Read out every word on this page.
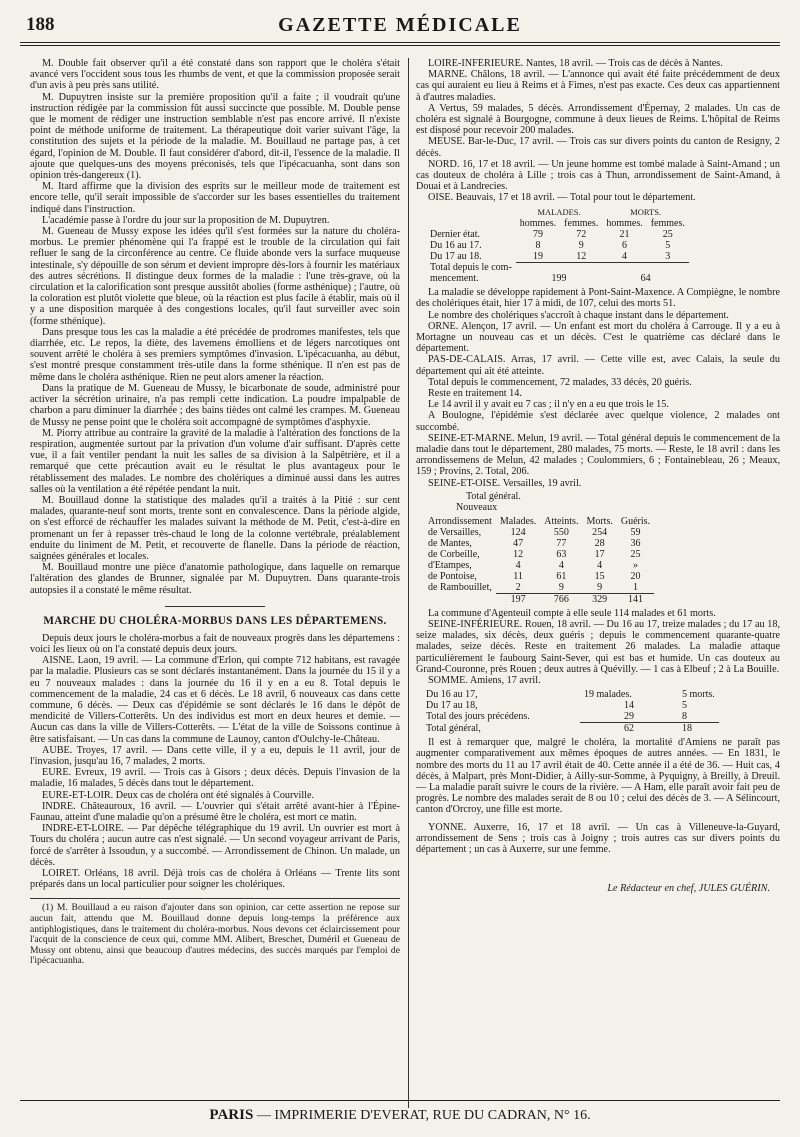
188	GAZETTE MÉDICALE

M. Double fait observer qu'il a été constaté dans son rapport que le choléra s'était avancé vers l'occident sous tous les rhumbs de vent, et que la commission proposée serait d'un avis à peu près sans utilité.

M. Dupuytren insiste sur la première proposition qu'il a faite ; il voudrait qu'une instruction rédigée par la commission fût aussi succincte que possible. M. Double pense que le moment de rédiger une instruction semblable n'est pas encore arrivé. Il n'existe point de méthode uniforme de traitement. La thérapeutique doit varier suivant l'âge, la constitution des sujets et la période de la maladie. M. Bouillaud ne partage pas, à cet égard, l'opinion de M. Double. Il faut considérer d'abord, dit-il, l'essence de la maladie. Il ajoute que quelques-uns des moyens préconisés, tels que l'ipécacuanha, sont dans son opinion très-dangereux (1).

M. Itard affirme que la division des esprits sur le meilleur mode de traitement est encore telle, qu'il serait impossible de s'accorder sur les bases essentielles du traitement indiqué dans l'instruction.

L'académie passe à l'ordre du jour sur la proposition de M. Dupuytren.

M. Gueneau de Mussy expose les idées qu'il s'est formées sur la nature du choléra-morbus. Le premier phénomène qui l'a frappé est le trouble de la circulation qui fait refluer le sang de la circonférence au centre. Ce fluide abonde vers la surface muqueuse intestinale, s'y dépouille de son sérum et devient impropre dès-lors à fournir les matériaux des autres sécrétions. Il distingue deux formes de la maladie : l'une très-grave, où la circulation et la calorification sont presque aussitôt abolies (forme asthénique) ; l'autre, où la coloration est plutôt violette que bleue, où la réaction est plus facile à établir, mais où il y a une disposition marquée à des congestions locales, qu'il faut surveiller avec soin (forme sthénique).

Dans presque tous les cas la maladie a été précédée de prodromes manifestes, tels que diarrhée, etc. Le repos, la diète, des lavemens émolliens et de légers narcotiques ont souvent arrêté le choléra à ses premiers symptômes d'invasion. L'ipécacuanha, au début, s'est montré presque constamment très-utile dans la forme sthénique. Il n'en est pas de même dans le choléra asthénique. Rien ne peut alors amener la réaction.

Dans la pratique de M. Gueneau de Mussy, le bicarbonate de soude, administré pour activer la sécrétion urinaire, n'a pas rempli cette indication. La poudre impalpable de charbon a paru diminuer la diarrhée ; des bains tièdes ont calmé les crampes. M. Gueneau de Mussy ne pense point que le choléra soit accompagné de symptômes d'asphyxie.

M. Piorry attribue au contraire la gravité de la maladie à l'altération des fonctions de la respiration, augmentée surtout par la privation d'un volume d'air suffisant. D'après cette vue, il a fait ventiler pendant la nuit les salles de sa division à la Salpêtrière, et il a remarqué que cette précaution avait eu le résultat le plus avantageux pour le rétablissement des malades. Le nombre des cholériques a diminué aussi dans les autres salles où la ventilation a été répétée pendant la nuit.

M. Bouillaud donne la statistique des malades qu'il a traités à la Pitié : sur cent malades, quarante-neuf sont morts, trente sont en convalescence. Dans la période algide, on s'est efforcé de réchauffer les malades suivant la méthode de M. Petit, c'est-à-dire en promenant un fer à repasser très-chaud le long de la colonne vertébrale, préalablement enduite du liniment de M. Petit, et recouverte de flanelle. Dans la période de réaction, saignées générales et locales.

M. Bouillaud montre une pièce d'anatomie pathologique, dans laquelle on remarque l'altération des glandes de Brunner, signalée par M. Dupuytren. Dans quarante-trois autopsies il a constaté le même résultat.

MARCHE DU CHOLÉRA-MORBUS DANS LES DÉPARTEMENS.

Depuis deux jours le choléra-morbus a fait de nouveaux progrès dans les départemens : voici les lieux où on l'a constaté depuis deux jours.

AISNE. Laon, 19 avril. — La commune d'Erlon, qui compte 712 habitans, est ravagée par la maladie. Plusieurs cas se sont déclarés instantanément. Dans la journée du 15 il y a eu 7 nouveaux malades : dans la journée du 16 il y en a eu 8. Total depuis le commencement de la maladie, 24 cas et 6 décès. Le 18 avril, 6 nouveaux cas dans cette commune, 6 décès. — Deux cas d'épidémie se sont déclarés le 16 dans le dépôt de mendicité de Villers-Cotterêts. Un des individus est mort en deux heures et demie. — Aucun cas dans la ville de Villers-Cotterêts. — L'état de la ville de Soissons continue à être satisfaisant. — Un cas dans la commune de Launoy, canton d'Oulchy-le-Château.

AUBE. Troyes, 17 avril. — Dans cette ville, il y a eu, depuis le 11 avril, jour de l'invasion, jusqu'au 16, 7 malades, 2 morts.

EURE. Evreux, 19 avril. — Trois cas à Gisors ; deux décès. Depuis l'invasion de la maladie, 16 malades, 5 décès dans tout le département.

EURE-ET-LOIR. Deux cas de choléra ont été signalés à Courville.

INDRE. Châteauroux, 16 avril. — L'ouvrier qui s'était arrêté avant-hier à l'Épine-Faunau, atteint d'une maladie qu'on a présumé être le choléra, est mort ce matin.

INDRE-ET-LOIRE. — Par dépêche télégraphique du 19 avril. Un ouvrier est mort à Tours du choléra ; aucun autre cas n'est signalé. — Un second voyageur arrivant de Paris, forcé de s'arrêter à Issoudun, y a succombé. — Arrondissement de Chinon. Un malade, un décès.

LOIRET. Orléans, 18 avril. Déjà trois cas de choléra à Orléans — Trente lits sont préparés dans un local particulier pour soigner les cholériques.

(1) M. Bouillaud a eu raison d'ajouter dans son opinion, car cette assertion ne repose sur aucun fait, attendu que M. Bouillaud donne depuis long-temps la préférence aux antiphlogistiques, dans le traitement du choléra-morbus. Nous devons cet éclaircissement pour l'acquit de la conscience de ceux qui, comme MM. Alibert, Breschet, Duméril et Gueneau de Mussy ont obtenu, ainsi que beaucoup d'autres médecins, des succès marqués par l'emploi de l'ipécacuanha.

LOIRE-INFÉRIEURE. Nantes, 18 avril. — Trois cas de décès à Nantes.

MARNE. Châlons, 18 avril. — L'annonce qui avait été faite précédemment de deux cas qui auraient eu lieu à Reims et à Fimes, n'est pas exacte. Ces deux cas appartiennent à d'autres maladies.

A Vertus, 59 malades, 5 décès. Arrondissement d'Épernay, 2 malades. Un cas de choléra est signalé à Bourgogne, commune à deux lieues de Reims. L'hôpital de Reims est disposé pour recevoir 200 malades.

MEUSE. Bar-le-Duc, 17 avril. — Trois cas sur divers points du canton de Resigny, 2 décès.

NORD. 16, 17 et 18 avril. — Un jeune homme est tombé malade à Saint-Amand ; un cas douteux de choléra à Lille ; trois cas à Thun, arrondissement de Saint-Amand, à Douai et à Landrecies.

OISE. Beauvais, 17 et 18 avril. — Total pour tout le département.

	MALADES.		MORTS.	
	hommes.	femmes.	hommes.	femmes.
Dernier état.	79	72	21	25
Du 16 au 17.	8	9	6	5
Du 17 au 18.	19	12	4	3
Total depuis le com-				
mencement.	199		64	

La maladie se développe rapidement à Pont-Saint-Maxence. A Compiègne, le nombre des cholériques était, hier 17 à midi, de 107, celui des morts 51.

Le nombre des cholériques s'accroît à chaque instant dans le département.

ORNE. Alençon, 17 avril. — Un enfant est mort du choléra à Carrouge. Il y a eu à Mortagne un nouveau cas et un décès. C'est le quatrième cas déclaré dans le département.

PAS-DE-CALAIS. Arras, 17 avril. — Cette ville est, avec Calais, la seule du département qui ait été atteinte.

Total depuis le commencement, 72 malades, 33 décès, 20 guéris.

Reste en traitement 14.

Le 14 avril il y avait eu 7 cas ; il n'y en a eu que trois le 15.

A Boulogne, l'épidémie s'est déclarée avec quelque violence, 2 malades ont succombé.

SEINE-ET-MARNE. Melun, 19 avril. — Total général depuis le commencement de la maladie dans tout le département, 280 malades, 75 morts. — Reste, le 18 avril : dans les arrondissemens de Melun, 42 malades ; Coulommiers, 6 ; Fontainebleau, 26 ; Meaux, 159 ; Provins, 2. Total, 206.

SEINE-ET-OISE. Versailles, 19 avril.

Total général.
Nouveaux
Arrondissement	Malades.	Atteints.	Morts.	Guéris.
de Versailles,	124	550	254	59
de Mantes,	47	77	28	36
de Corbeille,	12	63	17	25
d'Etampes,	4	4	4	»
de Pontoise,	11	61	15	20
de Rambouillet,	2	9	9	1
	197	766	329	141

La commune d'Agenteuil compte à elle seule 114 malades et 61 morts.

SEINE-INFÉRIEURE. Rouen, 18 avril. — Du 16 au 17, treize malades ; du 17 au 18, seize malades, six décès, deux guéris ; depuis le commencement quarante-quatre malades, seize décès. Reste en traitement 26 malades. La maladie attaque particulièrement le faubourg Saint-Sever, qui est bas et humide. Un cas douteux au Grand-Couronne, près Rouen ; deux autres à Quévilly. — 1 cas à Elbeuf ; 2 à La Bouille.

SOMME. Amiens, 17 avril.

Du 16 au 17,	19 malades.	5 morts.
Du 17 au 18,	14	5
Total des jours précédens.	29	8
Total général,	62	18

Il est à remarquer que, malgré le choléra, la mortalité d'Amiens ne paraît pas augmenter comparativement aux mêmes époques de autres années. — En 1831, le nombre des morts du 11 au 17 avril était de 40. Cette année il a été de 36. — Huit cas, 4 décès, à Malpart, près Mont-Didier, à Ailly-sur-Somme, à Pyquigny, à Breilly, à Dreuil. — La maladie paraît suivre le cours de la rivière. — A Ham, elle paraît avoir fait peu de progrès. Le nombre des malades serait de 8 ou 10 ; celui des décès de 3. — A Sélincourt, canton d'Orcroy, une fille est morte.

YONNE. Auxerre, 16, 17 et 18 avril. — Un cas à Villeneuve-la-Guyard, arrondissement de Sens ; trois cas à Joigny ; trois autres cas sur divers points du département ; un cas à Auxerre, sur une femme.

Le Rédacteur en chef, JULES GUÉRIN.
PARIS — IMPRIMERIE D'EVERAT, RUE DU CADRAN, N° 16.
